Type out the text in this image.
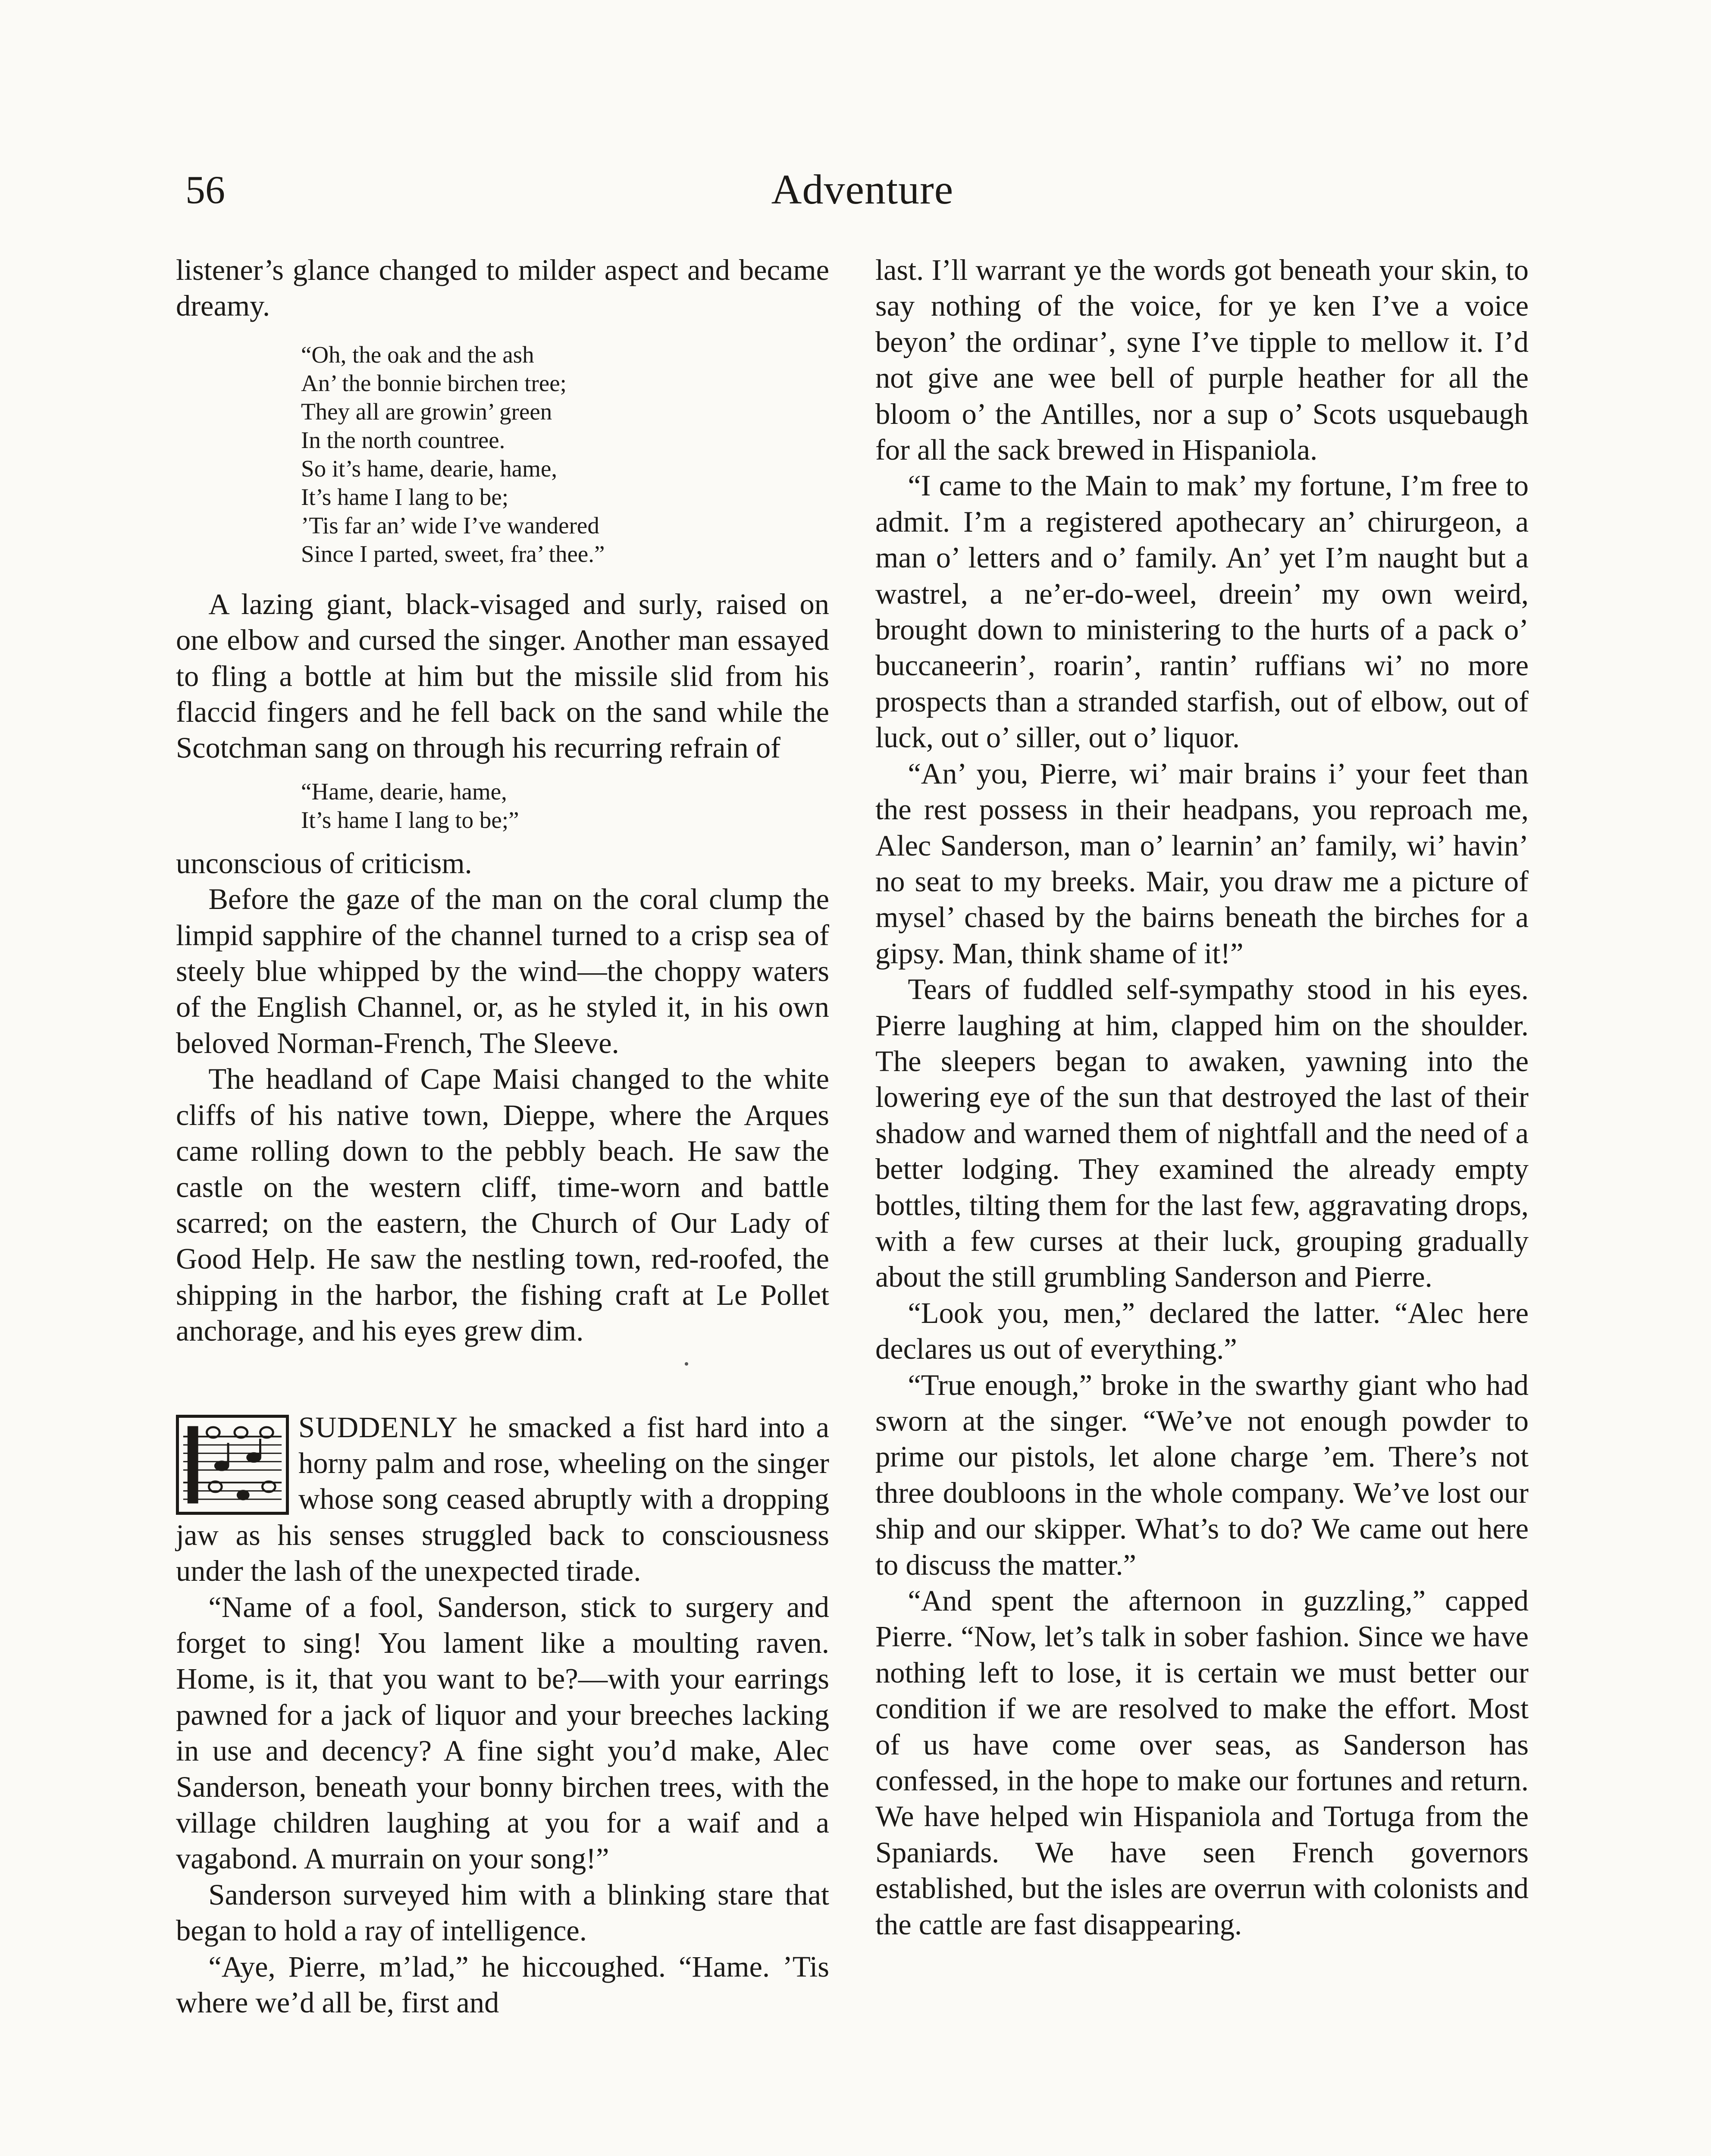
56	Adventure

listener’s glance changed to milder aspect and became dreamy.

“Oh, the oak and the ash
An’ the bonnie birchen tree;
They all are growin’ green
In the north countree.
So it’s hame, dearie, hame,
It’s hame I lang to be;
’Tis far an’ wide I’ve wandered
Since I parted, sweet, fra’ thee.”

A lazing giant, black-visaged and surly, raised on one elbow and cursed the singer. Another man essayed to fling a bottle at him but the missile slid from his flaccid fingers and he fell back on the sand while the Scotchman sang on through his recurring refrain of

“Hame, dearie, hame,
It’s hame I lang to be;”

unconscious of criticism.

Before the gaze of the man on the coral clump the limpid sapphire of the channel turned to a crisp sea of steely blue whipped by the wind—the choppy waters of the English Channel, or, as he styled it, in his own beloved Norman-French, The Sleeve.

The headland of Cape Maisi changed to the white cliffs of his native town, Dieppe, where the Arques came rolling down to the pebbly beach. He saw the castle on the western cliff, time-worn and battle scarred; on the eastern, the Church of Our Lady of Good Help. He saw the nestling town, red-roofed, the shipping in the harbor, the fishing craft at Le Pollet anchorage, and his eyes grew dim.

SUDDENLY he smacked a fist hard into a horny palm and rose, wheeling on the singer whose song ceased abruptly with a dropping jaw as his senses struggled back to consciousness under the lash of the unexpected tirade.

“Name of a fool, Sanderson, stick to surgery and forget to sing! You lament like a moulting raven. Home, is it, that you want to be?—with your earrings pawned for a jack of liquor and your breeches lacking in use and decency? A fine sight you’d make, Alec Sanderson, beneath your bonny birchen trees, with the village children laughing at you for a waif and a vagabond. A murrain on your song!”

Sanderson surveyed him with a blinking stare that began to hold a ray of intelligence.

“Aye, Pierre, m’lad,” he hiccoughed. “Hame. ’Tis where we’d all be, first and

last. I’ll warrant ye the words got beneath your skin, to say nothing of the voice, for ye ken I’ve a voice beyon’ the ordinar’, syne I’ve tipple to mellow it. I’d not give ane wee bell of purple heather for all the bloom o’ the Antilles, nor a sup o’ Scots usquebaugh for all the sack brewed in Hispaniola.

“I came to the Main to mak’ my fortune, I’m free to admit. I’m a registered apothecary an’ chirurgeon, a man o’ letters and o’ family. An’ yet I’m naught but a wastrel, a ne’er-do-weel, dreein’ my own weird, brought down to ministering to the hurts of a pack o’ buccaneerin’, roarin’, rantin’ ruffians wi’ no more prospects than a stranded starfish, out of elbow, out of luck, out o’ siller, out o’ liquor.

“An’ you, Pierre, wi’ mair brains i’ your feet than the rest possess in their headpans, you reproach me, Alec Sanderson, man o’ learnin’ an’ family, wi’ havin’ no seat to my breeks. Mair, you draw me a picture of mysel’ chased by the bairns beneath the birches for a gipsy. Man, think shame of it!”

Tears of fuddled self-sympathy stood in his eyes. Pierre laughing at him, clapped him on the shoulder. The sleepers began to awaken, yawning into the lowering eye of the sun that destroyed the last of their shadow and warned them of nightfall and the need of a better lodging. They examined the already empty bottles, tilting them for the last few, aggravating drops, with a few curses at their luck, grouping gradually about the still grumbling Sanderson and Pierre.

“Look you, men,” declared the latter. “Alec here declares us out of everything.”

“True enough,” broke in the swarthy giant who had sworn at the singer. “We’ve not enough powder to prime our pistols, let alone charge ’em. There’s not three doubloons in the whole company. We’ve lost our ship and our skipper. What’s to do? We came out here to discuss the matter.”

“And spent the afternoon in guzzling,” capped Pierre. “Now, let’s talk in sober fashion. Since we have nothing left to lose, it is certain we must better our condition if we are resolved to make the effort. Most of us have come over seas, as Sanderson has confessed, in the hope to make our fortunes and return. We have helped win Hispaniola and Tortuga from the Spaniards. We have seen French governors established, but the isles are overrun with colonists and the cattle are fast disappearing.
